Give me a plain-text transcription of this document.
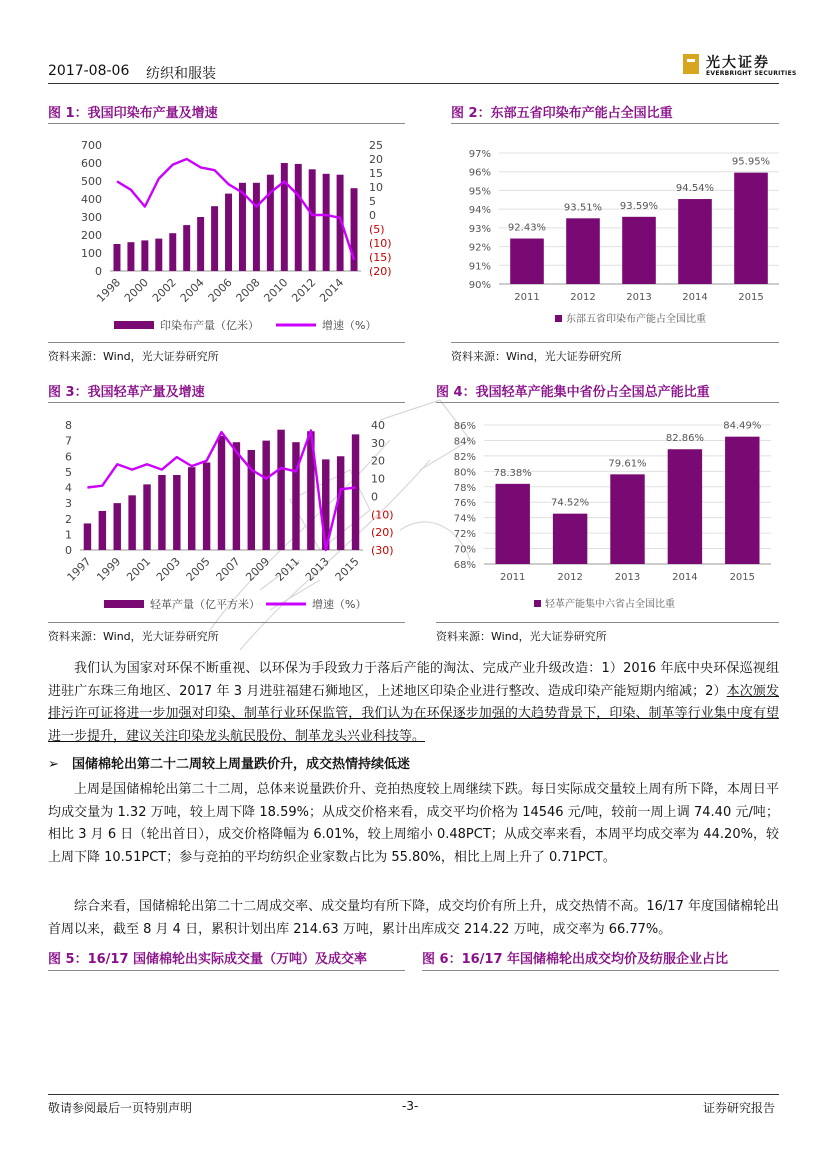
2017-08-06 纺织和服装
光大证券
EVERBRIGHT SECURITIES
图 1：我国印染布产量及增速
0
100
200
300
400
500
600
700	25
20
15
10
5
0
(5)
(10)
(15)
(20)
1998
2000
2002
2004
2006
2008
2010
2012
2014
印染布产量（亿米）	增速（%）
资料来源：Wind，光大证券研究所
图 2：东部五省印染布产能占全国比重
90%
91%
92%
93%
94%
95%
96%
97%
92.43%
2011
93.51%
2012
93.59%
2013
94.54%
2014
95.95%
2015
东部五省印染布产能占全国比重
资料来源：Wind，光大证券研究所
图 3：我国轻革产量及增速
0
1
2
3
4
5
6
7
8	40
30
20
10
0
(10)
(20)
(30)
1997 1999 2001 2003 2005 2007 2009 2011 2013 2015
轻革产量（亿平方米）	增速（%）
资料来源：Wind，光大证券研究所
图 4：我国轻革产能集中省份占全国总产能比重
68%
70%
72%
74%
76%
78%
80%
82%
84%
86%
78.38%
2011
74.52%
2012
79.61%
2013
82.86%
2014
84.49%
2015
轻革产能集中六省占全国比重
资料来源：Wind，光大证券研究所
我们认为国家对环保不断重视、以环保为手段致力于落后产能的淘汰、完成产业升级改造：1）2016 年底中央环保巡视组进驻广东珠三角地区、2017 年 3 月进驻福建石狮地区，上述地区印染企业进行整改、造成印染产能短期内缩减；2）本次颁发排污许可证将进一步加强对印染、制革行业环保监管，我们认为在环保逐步加强的大趋势背景下，印染、制革等行业集中度有望进一步提升，建议关注印染龙头航民股份、制革龙头兴业科技等。
➢ 国储棉轮出第二十二周较上周量跌价升，成交热情持续低迷
上周是国储棉轮出第二十二周，总体来说量跌价升、竞拍热度较上周继续下跌。每日实际成交量较上周有所下降，本周日平均成交量为 1.32 万吨，较上周下降 18.59%；从成交价格来看，成交平均价格为 14546 元/吨，较前一周上调 74.40 元/吨；相比 3 月 6 日（轮出首日），成交价格降幅为 6.01%，较上周缩小 0.48PCT；从成交率来看，本周平均成交率为 44.20%，较上周下降 10.51PCT；参与竞拍的平均纺织企业家数占比为 55.80%，相比上周上升了 0.71PCT。
综合来看，国储棉轮出第二十二周成交率、成交量均有所下降，成交均价有所上升，成交热情不高。16/17 年度国储棉轮出首周以来，截至 8 月 4 日，累积计划出库 214.63 万吨，累计出库成交 214.22 万吨，成交率为 66.77%。
图 5：16/17 国储棉轮出实际成交量（万吨）及成交率	图 6：16/17 年国储棉轮出成交均价及纺服企业占比
敬请参阅最后一页特别声明	-3-	证券研究报告
